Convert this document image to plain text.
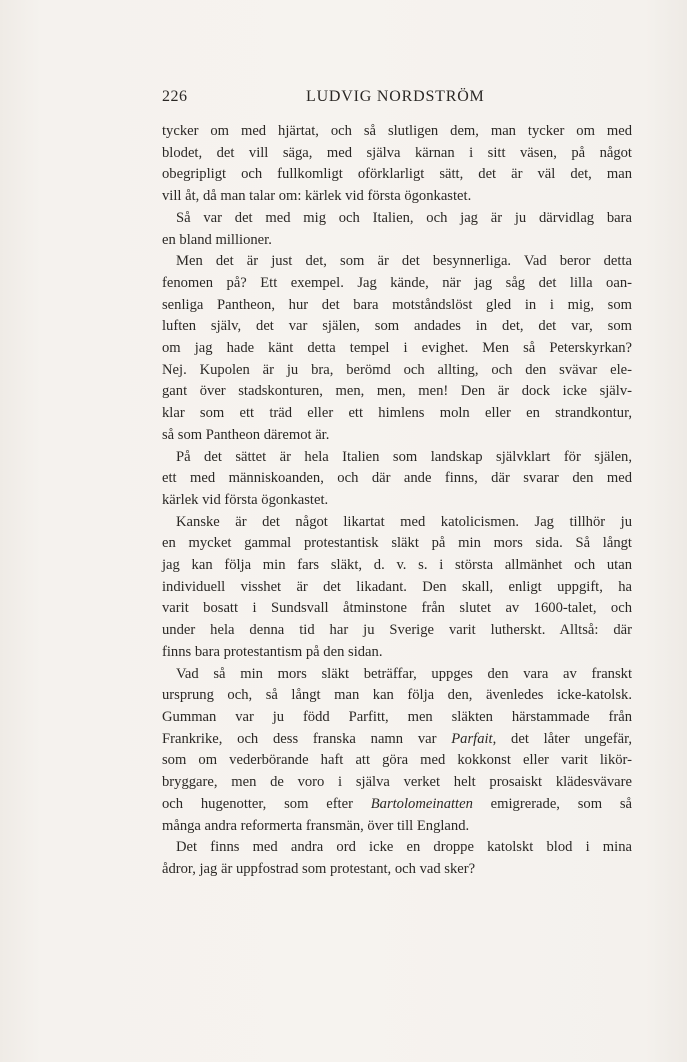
226	LUDVIG NORDSTRÖM
tycker om med hjärtat, och så slutligen dem, man tycker om med
blodet, det vill säga, med själva kärnan i sitt väsen, på något
obegripligt och fullkomligt oförklarligt sätt, det är väl det, man
vill åt, då man talar om: kärlek vid första ögonkastet.
Så var det med mig och Italien, och jag är ju därvidlag bara
en bland millioner.
Men det är just det, som är det besynnerliga. Vad beror detta
fenomen på? Ett exempel. Jag kände, när jag såg det lilla oan-
senliga Pantheon, hur det bara motståndslöst gled in i mig, som
luften själv, det var själen, som andades in det, det var, som
om jag hade känt detta tempel i evighet. Men så Peterskyrkan?
Nej. Kupolen är ju bra, berömd och allting, och den svävar ele-
gant över stadskonturen, men, men, men! Den är dock icke själv-
klar som ett träd eller ett himlens moln eller en strandkontur,
så som Pantheon däremot är.
På det sättet är hela Italien som landskap självklart för själen,
ett med människoanden, och där ande finns, där svarar den med
kärlek vid första ögonkastet.
Kanske är det något likartat med katolicismen. Jag tillhör ju
en mycket gammal protestantisk släkt på min mors sida. Så långt
jag kan följa min fars släkt, d. v. s. i största allmänhet och utan
individuell visshet är det likadant. Den skall, enligt uppgift, ha
varit bosatt i Sundsvall åtminstone från slutet av 1600-talet, och
under hela denna tid har ju Sverige varit lutherskt. Alltså: där
finns bara protestantism på den sidan.
Vad så min mors släkt beträffar, uppges den vara av franskt
ursprung och, så långt man kan följa den, ävenledes icke-katolsk.
Gumman var ju född Parfitt, men släkten härstammade från
Frankrike, och dess franska namn var Parfait, det låter ungefär,
som om vederbörande haft att göra med kokkonst eller varit likör-
bryggare, men de voro i själva verket helt prosaiskt klädesvävare
och hugenotter, som efter Bartolomeinatten emigrerade, som så
många andra reformerta fransmän, över till England.
Det finns med andra ord icke en droppe katolskt blod i mina
ådror, jag är uppfostrad som protestant, och vad sker?
